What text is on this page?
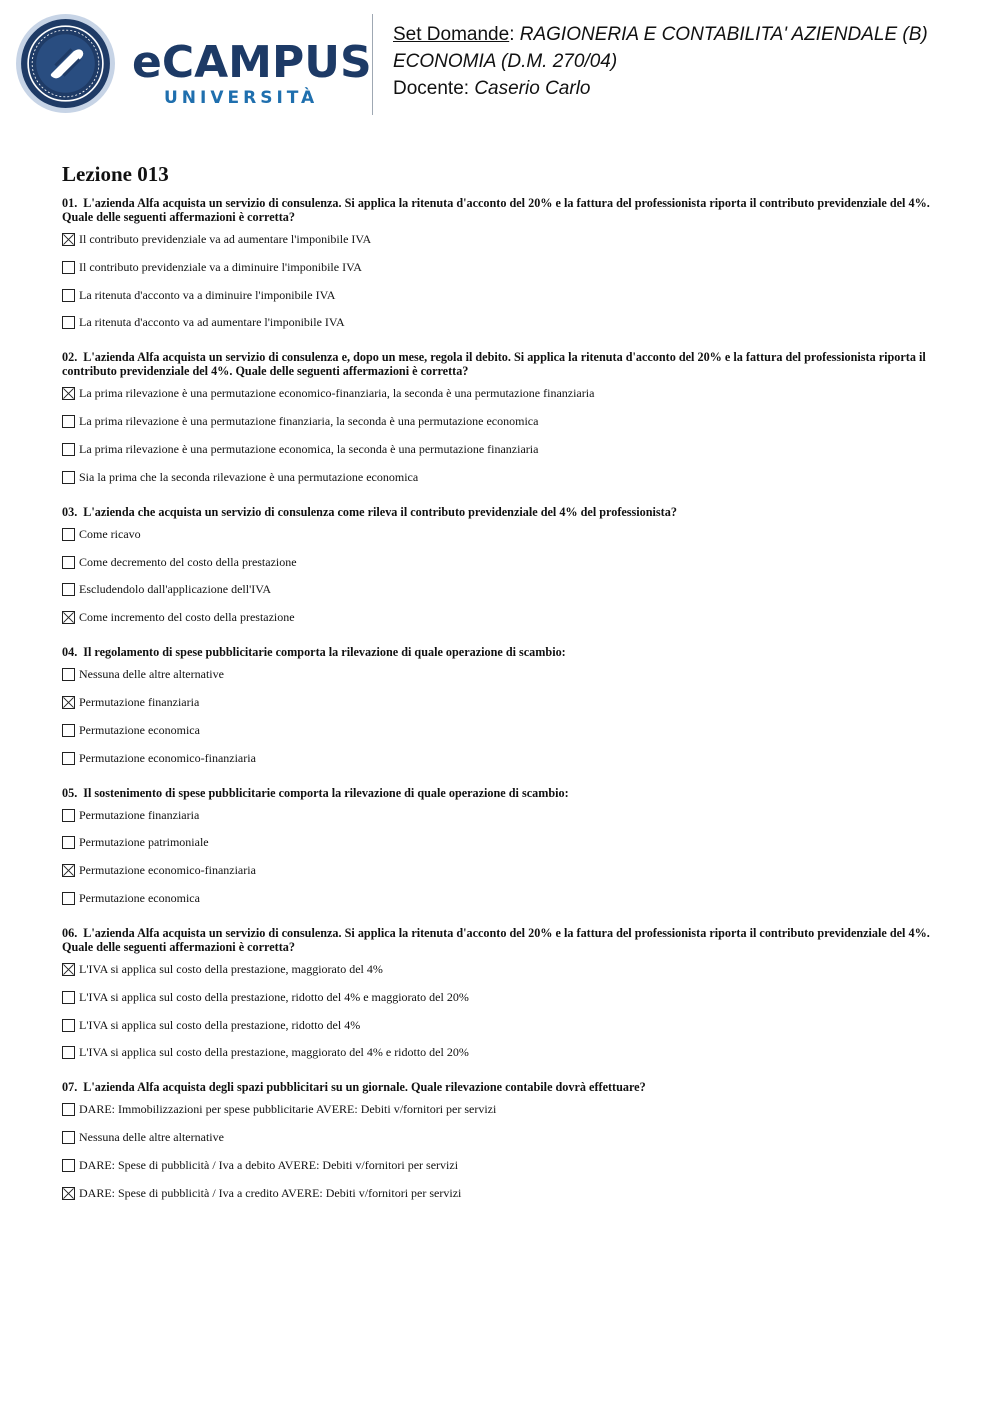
eCAMPUS
UNIVERSITÀ
Set Domande: RAGIONERIA E CONTABILITA' AZIENDALE (B)
ECONOMIA (D.M. 270/04)
Docente: Caserio Carlo
Lezione 013
01. L'azienda Alfa acquista un servizio di consulenza. Si applica la ritenuta d'acconto del 20% e la fattura del professionista riporta il contributo previdenziale del 4%. Quale delle seguenti affermazioni è corretta?
Il contributo previdenziale va ad aumentare l'imponibile IVA
Il contributo previdenziale va a diminuire l'imponibile IVA
La ritenuta d'acconto va a diminuire l'imponibile IVA
La ritenuta d'acconto va ad aumentare l'imponibile IVA
02. L'azienda Alfa acquista un servizio di consulenza e, dopo un mese, regola il debito. Si applica la ritenuta d'acconto del 20% e la fattura del professionista riporta il contributo previdenziale del 4%. Quale delle seguenti affermazioni è corretta?
La prima rilevazione è una permutazione economico-finanziaria, la seconda è una permutazione finanziaria
La prima rilevazione è una permutazione finanziaria, la seconda è una permutazione economica
La prima rilevazione è una permutazione economica, la seconda è una permutazione finanziaria
Sia la prima che la seconda rilevazione è una permutazione economica
03. L'azienda che acquista un servizio di consulenza come rileva il contributo previdenziale del 4% del professionista?
Come ricavo
Come decremento del costo della prestazione
Escludendolo dall'applicazione dell'IVA
Come incremento del costo della prestazione
04. Il regolamento di spese pubblicitarie comporta la rilevazione di quale operazione di scambio:
Nessuna delle altre alternative
Permutazione finanziaria
Permutazione economica
Permutazione economico-finanziaria
05. Il sostenimento di spese pubblicitarie comporta la rilevazione di quale operazione di scambio:
Permutazione finanziaria
Permutazione patrimoniale
Permutazione economico-finanziaria
Permutazione economica
06. L'azienda Alfa acquista un servizio di consulenza. Si applica la ritenuta d'acconto del 20% e la fattura del professionista riporta il contributo previdenziale del 4%. Quale delle seguenti affermazioni è corretta?
L'IVA si applica sul costo della prestazione, maggiorato del 4%
L'IVA si applica sul costo della prestazione, ridotto del 4% e maggiorato del 20%
L'IVA si applica sul costo della prestazione, ridotto del 4%
L'IVA si applica sul costo della prestazione, maggiorato del 4% e ridotto del 20%
07. L'azienda Alfa acquista degli spazi pubblicitari su un giornale. Quale rilevazione contabile dovrà effettuare?
DARE: Immobilizzazioni per spese pubblicitarie AVERE: Debiti v/fornitori per servizi
Nessuna delle altre alternative
DARE: Spese di pubblicità / Iva a debito AVERE: Debiti v/fornitori per servizi
DARE: Spese di pubblicità / Iva a credito AVERE: Debiti v/fornitori per servizi
